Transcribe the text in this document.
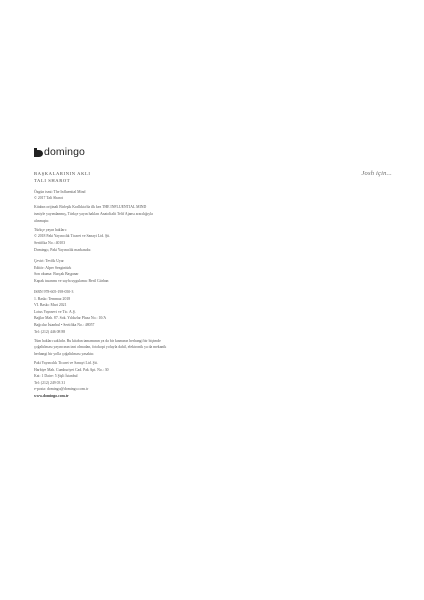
domingo
Josh için...
BAŞKALARININ AKLI
TALI SHAROT
Özgün ismi: The Influential Mind
© 2017 Tali Sharot
Kitabın orijinali Birleşik Krallıkta'da ilk kez THE INFLUENTIAL MIND
ismiyle yayımlanmış, Türkçe yayın hakları Anatolialit Telif Ajansı aracılığıyla
alınmıştır.
Türkçe yayın hakları:
© 2018 Paki Yayıncılık Ticaret ve Sanayi Ltd. Şti.
Sertifika No.: 40103
Domingo, Paki Yayıncılık markasıdır.
Çeviri: Tevfik Uyar
Editör: Alper Sezgintürk
Son okuma: Burçak Başpınar
Kapak tasarımı ve sayfa uygulama: Beril Gürhan
ISBN 978-605-198-050-3
1. Baskı: Temmuz 2018
VI. Baskı: Mart 2021
Lotus Yayınevi ve Tic. A.Ş.
Bağlar Mah. 87. Sok. Yıldızlar Plaza No.: 10/A
Bağcılar İstanbul • Sertifika No.: 48057
Tel: (212) 446 08 88
Tüm hakları saklıdır. Bu kitabın tamamının ya da bir kısmının herhangi bir biçimde
çoğaltılması yayıncının izni olmadan, fotokopi yoluyla dahil, elektronik ya da mekanik
herhangi bir yolla çoğaltılması yasaktır.
Paki Yayıncılık Ticaret ve Sanayi Ltd. Şti.
Harbiye Mah. Cumhuriyet Cad. Pak Apt. No.: 30
Kat: 1 Daire: 5 Şişli İstanbul
Tel: (212) 249 03 31
e-posta: domingo@domingo.com.tr
www.domingo.com.tr
